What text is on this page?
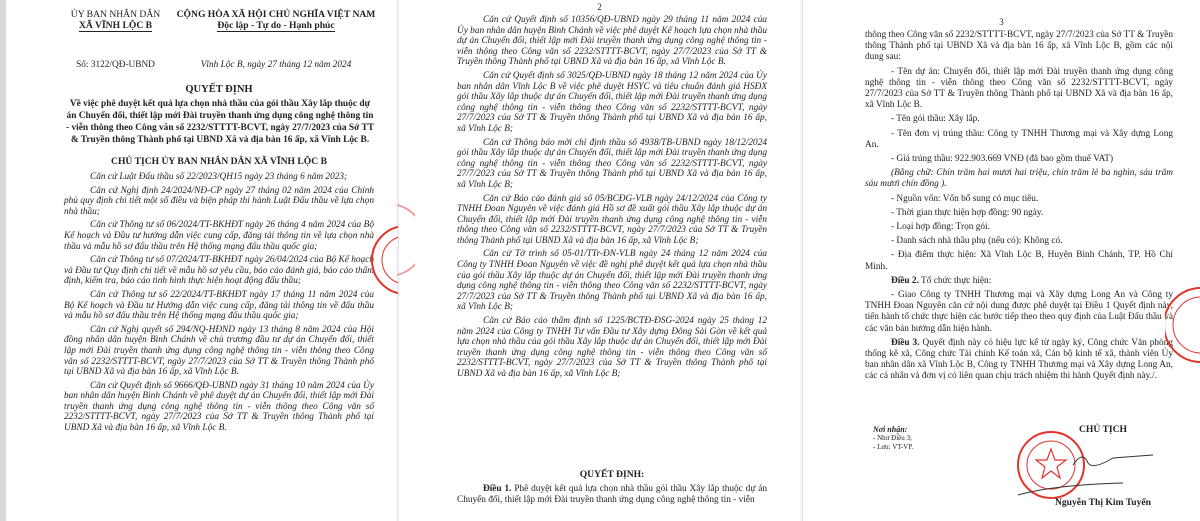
ỦY BAN NHÂN DÂN
XÃ VĨNH LỘC B
CỘNG HÒA XÃ HỘI CHỦ NGHĨA VIỆT NAM
Độc lập - Tự do - Hạnh phúc
Số: 3122/QĐ-UBND	Vĩnh Lộc B, ngày 27 tháng 12 năm 2024
QUYẾT ĐỊNH
Về việc phê duyệt kết quả lựa chọn nhà thầu của gói thầu Xây lắp thuộc dự án Chuyển đổi, thiết lập mới Đài truyền thanh ứng dụng công nghệ thông tin - viễn thông theo Công văn số 2232/STTTT-BCVT, ngày 27/7/2023 của Sở TT & Truyền thông Thành phố tại UBND Xã và địa bàn 16 ấp, xã Vĩnh Lộc B.
CHỦ TỊCH ỦY BAN NHÂN DÂN XÃ VĨNH LỘC B

Căn cứ Luật Đấu thầu số 22/2023/QH15 ngày 23 tháng 6 năm 2023;

Căn cứ Nghị định 24/2024/NĐ-CP ngày 27 tháng 02 năm 2024 của Chính phủ quy định chi tiết một số điều và biện pháp thi hành Luật Đấu thầu về lựa chọn nhà thầu;

Căn cứ Thông tư số 06/2024/TT-BKHĐT ngày 26 tháng 4 năm 2024 của Bộ Kế hoạch và Đầu tư hướng dẫn việc cung cấp, đăng tải thông tin về lựa chọn nhà thầu và mẫu hồ sơ đấu thầu trên Hệ thống mạng đấu thầu quốc gia;

Căn cứ Thông tư số 07/2024/TT-BKHĐT ngày 26/04/2024 của Bộ Kế hoạch và Đầu tư Quy định chi tiết về mẫu hồ sơ yêu cầu, báo cáo đánh giá, báo cáo thẩm định, kiểm tra, báo cáo tình hình thực hiện hoạt động đấu thầu;

Căn cứ Thông tư số 22/2024/TT-BKHĐT ngày 17 tháng 11 năm 2024 của Bộ Kế hoạch và Đầu tư Hướng dẫn việc cung cấp, đăng tải thông tin về đấu thầu và mẫu hồ sơ đấu thầu trên Hệ thống mạng đấu thầu quốc gia;

Căn cứ Nghị quyết số 294/NQ-HĐND ngày 13 tháng 8 năm 2024 của Hội đồng nhân dân huyện Bình Chánh về chủ trương đầu tư dự án Chuyển đổi, thiết lập mới Đài truyền thanh ứng dụng công nghệ thông tin - viễn thông theo Công văn số 2232/STTTT-BCVT, ngày 27/7/2023 của Sở TT & Truyền thông Thành phố tại UBND Xã và địa bàn 16 ấp, xã Vĩnh Lộc B.

Căn cứ Quyết định số 9666/QĐ-UBND ngày 31 tháng 10 năm 2024 của Ủy ban nhân dân huyện Bình Chánh về phê duyệt dự án Chuyển đổi, thiết lập mới Đài truyền thanh ứng dụng công nghệ thông tin - viễn thông theo Công văn số 2232/STTTT-BCVT, ngày 27/7/2023 của Sở TT & Truyền thông Thành phố tại UBND Xã và địa bàn 16 ấp, xã Vĩnh Lộc B.

2

Căn cứ Quyết định số 10356/QĐ-UBND ngày 29 tháng 11 năm 2024 của Ủy ban nhân dân huyện Bình Chánh về việc phê duyệt Kế hoạch lựa chọn nhà thầu dự án Chuyển đổi, thiết lập mới Đài truyền thanh ứng dụng công nghệ thông tin - viễn thông theo Công văn số 2232/STTTT-BCVT, ngày 27/7/2023 của Sở TT & Truyền thông Thành phố tại UBND Xã và địa bàn 16 ấp, xã Vĩnh Lộc B.

Căn cứ Quyết định số 3025/QĐ-UBND ngày 18 tháng 12 năm 2024 của Ủy ban nhân dân Vĩnh Lộc B về việc phê duyệt HSYC và tiêu chuẩn đánh giá HSĐX gói thầu Xây lắp thuộc dự án Chuyển đổi, thiết lập mới Đài truyền thanh ứng dụng công nghệ thông tin - viễn thông theo Công văn số 2232/STTTT-BCVT, ngày 27/7/2023 của Sở TT & Truyền thông Thành phố tại UBND Xã và địa bàn 16 ấp, xã Vĩnh Lộc B;

Căn cứ Thông báo mời chỉ định thầu số 4938/TB-UBND ngày 18/12/2024 gói thầu Xây lắp thuộc dự án Chuyển đổi, thiết lập mới Đài truyền thanh ứng dụng công nghệ thông tin - viễn thông theo Công văn số 2232/STTTT-BCVT, ngày 27/7/2023 của Sở TT & Truyền thông Thành phố tại UBND Xã và địa bàn 16 ấp, xã Vĩnh Lộc B;

Căn cứ Báo cáo đánh giá số 05/BCĐG-VLB ngày 24/12/2024 của Công ty TNHH Đoan Nguyên về việc đánh giá Hồ sơ đề xuất gói thầu Xây lắp thuộc dự án Chuyển đổi, thiết lập mới Đài truyền thanh ứng dụng công nghệ thông tin - viễn thông theo Công văn số 2232/STTTT-BCVT, ngày 27/7/2023 của Sở TT & Truyền thông Thành phố tại UBND Xã và địa bàn 16 ấp, xã Vĩnh Lộc B;

Căn cứ Tờ trình số 05-01/TTr-ĐN-VLB ngày 24 tháng 12 năm 2024 của Công ty TNHH Đoan Nguyên về việc đề nghị phê duyệt kết quả lựa chọn nhà thầu của gói thầu Xây lắp thuộc dự án Chuyển đổi, thiết lập mới Đài truyền thanh ứng dụng công nghệ thông tin - viễn thông theo Công văn số 2232/STTTT-BCVT, ngày 27/7/2023 của Sở TT & Truyền thông Thành phố tại UBND Xã và địa bàn 16 ấp, xã Vĩnh Lộc B;

Căn cứ Báo cáo thẩm định số 1225/BCTĐ-ĐSG-2024 ngày 25 tháng 12 năm 2024 của Công ty TNHH Tư vấn Đầu tư Xây dựng Đông Sài Gòn về kết quả lựa chọn nhà thầu của gói thầu Xây lắp thuộc dự án Chuyển đổi, thiết lập mới Đài truyền thanh ứng dụng công nghệ thông tin - viễn thông theo Công văn số 2232/STTTT-BCVT, ngày 27/7/2023 của Sở TT & Truyền thông Thành phố tại UBND Xã và địa bàn 16 ấp, xã Vĩnh Lộc B;

QUYẾT ĐỊNH:

Điều 1. Phê duyệt kết quả lựa chọn nhà thầu gói thầu Xây lắp thuộc dự án Chuyển đổi, thiết lập mới Đài truyền thanh ứng dụng công nghệ thông tin - viễn

3

thông theo Công văn số 2232/STTTT-BCVT, ngày 27/7/2023 của Sở TT & Truyền thông Thành phố tại UBND Xã và địa bàn 16 ấp, xã Vĩnh Lộc B, gồm các nội dung sau:

- Tên dự án: Chuyển đổi, thiết lập mới Đài truyền thanh ứng dụng công nghệ thông tin - viễn thông theo Công văn số 2232/STTTT-BCVT, ngày 27/7/2023 của Sở TT & Truyền thông Thành phố tại UBND Xã và địa bàn 16 ấp, xã Vĩnh Lộc B.

- Tên gói thầu: Xây lắp.

- Tên đơn vị trúng thầu: Công ty TNHH Thương mại và Xây dựng Long An.

- Giá trúng thầu: 922.903.669 VNĐ (đã bao gồm thuế VAT)

(Bằng chữ: Chín trăm hai mươi hai triệu, chín trăm lẻ ba nghìn, sáu trăm sáu mươi chín đồng ).

- Nguồn vốn: Vốn bổ sung có mục tiêu.

- Thời gian thực hiện hợp đồng: 90 ngày.

- Loại hợp đồng: Trọn gói.

- Danh sách nhà thầu phụ (nếu có): Không có.

- Địa điểm thực hiện: Xã Vĩnh Lộc B, Huyện Bình Chánh, TP. Hồ Chí Minh.

Điều 2. Tổ chức thực hiện:

- Giao Công ty TNHH Thương mại và Xây dựng Long An và Công ty TNHH Đoan Nguyên căn cứ nội dung được phê duyệt tại Điều 1 Quyết định này, tiến hành tổ chức thực hiện các bước tiếp theo theo quy định của Luật Đấu thầu và các văn bản hướng dẫn hiện hành.

Điều 3. Quyết định này có hiệu lực kể từ ngày ký, Công chức Văn phòng thống kê xã, Công chức Tài chính Kế toán xã, Cán bộ kinh tế xã, thành viên Ủy ban nhân dân xã Vĩnh Lộc B, Công ty TNHH Thương mại và Xây dựng Long An, các cá nhân và đơn vị có liên quan chịu trách nhiệm thi hành Quyết định này./.

Nơi nhận:
- Như Điều 3;
- Lưu: VT-VP.
CHỦ TỊCH
Nguyễn Thị Kim Tuyến
